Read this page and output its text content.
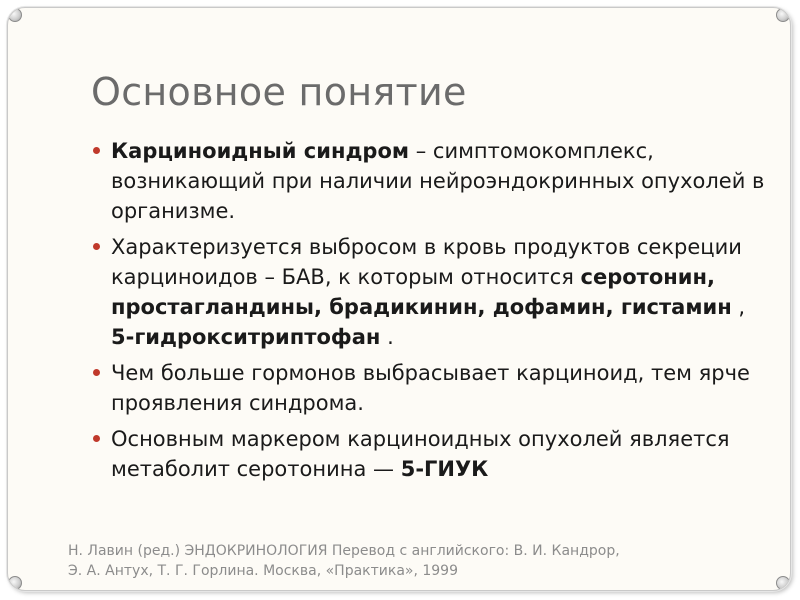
Основное понятие
Карциноидный синдром – симптомокомплекс, возникающий при наличии нейроэндокринных опухолей в организме.
Характеризуется выбросом в кровь продуктов секреции карциноидов – БАВ, к которым относится серотонин, простагландины, брадикинин, дофамин, гистамин , 5-гидрокситриптофан .
Чем больше гормонов выбрасывает карциноид, тем ярче проявления синдрома.
Основным маркером карциноидных опухолей является метаболит серотонина — 5-ГИУК

Н. Лавин (ред.) ЭНДОКРИНОЛОГИЯ Перевод с английского: В. И. Кандрор, Э. А. Антух, Т. Г. Горлина. Москва, «Практика», 1999
